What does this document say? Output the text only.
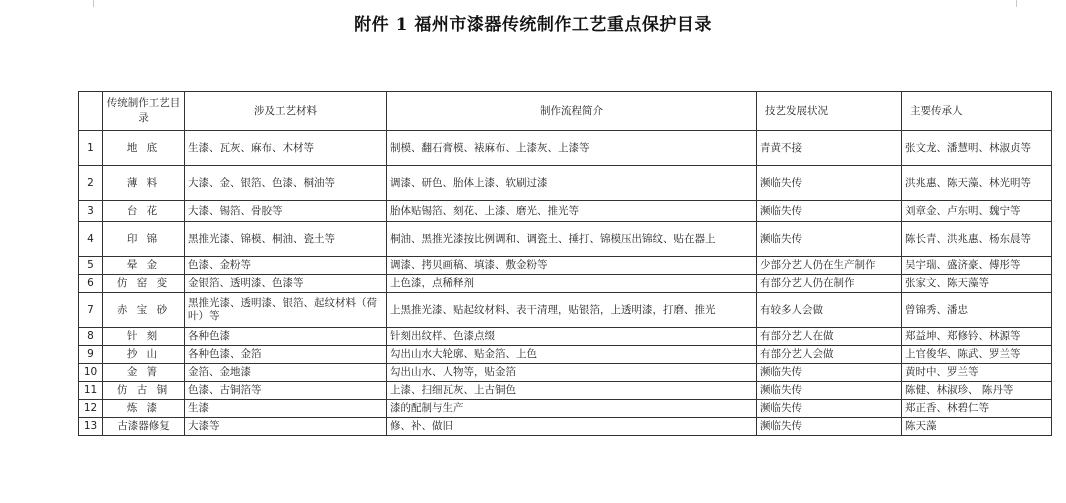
附件 1 福州市漆器传统制作工艺重点保护目录
	传统制作工艺目录	涉及工艺材料	制作流程简介	技艺发展状况	主要传承人
1	地 底	生漆、瓦灰、麻布、木材等	制模、翻石膏模、裱麻布、上漆灰、上漆等	青黄不接	张文龙、潘慧明、林淑贞等
2	薄 料	大漆、金、银箔、色漆、桐油等	调漆、研色、胎体上漆、软刷过漆	濒临失传	洪兆惠、陈天藻、林光明等
3	台 花	大漆、锡箔、骨胶等	胎体贴锡箔、刻花、上漆、磨光、推光等	濒临失传	刘章金、卢东明、魏宁等
4	印 锦	黑推光漆、锦模、桐油、瓷土等	桐油、黑推光漆按比例调和、调瓷土、捶打、锦模压出锦纹、贴在器上	濒临失传	陈长青、洪兆惠、杨东晨等
5	晕 金	色漆、金粉等	调漆、拷贝画稿、填漆、敷金粉等	少部分艺人仍在生产制作	吴宇瑞、盛济豪、傅彤等
6	仿 窑 变	金银箔、透明漆、色漆等	上色漆，点稀释剂	有部分艺人仍在制作	张家文、陈天藻等
7	赤 宝 砂	黑推光漆、透明漆、银箔、起纹材料（荷叶）等	上黑推光漆、贴起纹材料、表干清理，贴银箔，上透明漆，打磨、推光	有较多人会做	曾锦秀、潘忠
8	针 刻	各种色漆	针刻出纹样、色漆点缀	有部分艺人在做	郑益坤、郑修钤、林源等
9	抄 山	各种色漆、金箔	勾出山水大轮廓、贴金箔、上色	有部分艺人会做	上官俊华、陈武、罗兰等
10	金 箐	金箔、金地漆	勾出山水、人物等，贴金箔	濒临失传	黄时中、罗兰等
11	仿 古 铜	色漆、古铜箔等	上漆、扫细瓦灰、上古铜色	濒临失传	陈健、林淑珍、 陈丹等
12	炼 漆	生漆	漆的配制与生产	濒临失传	郑正香、林碧仁等
13	古漆器修复	大漆等	修、补、做旧	濒临失传	陈天藻
